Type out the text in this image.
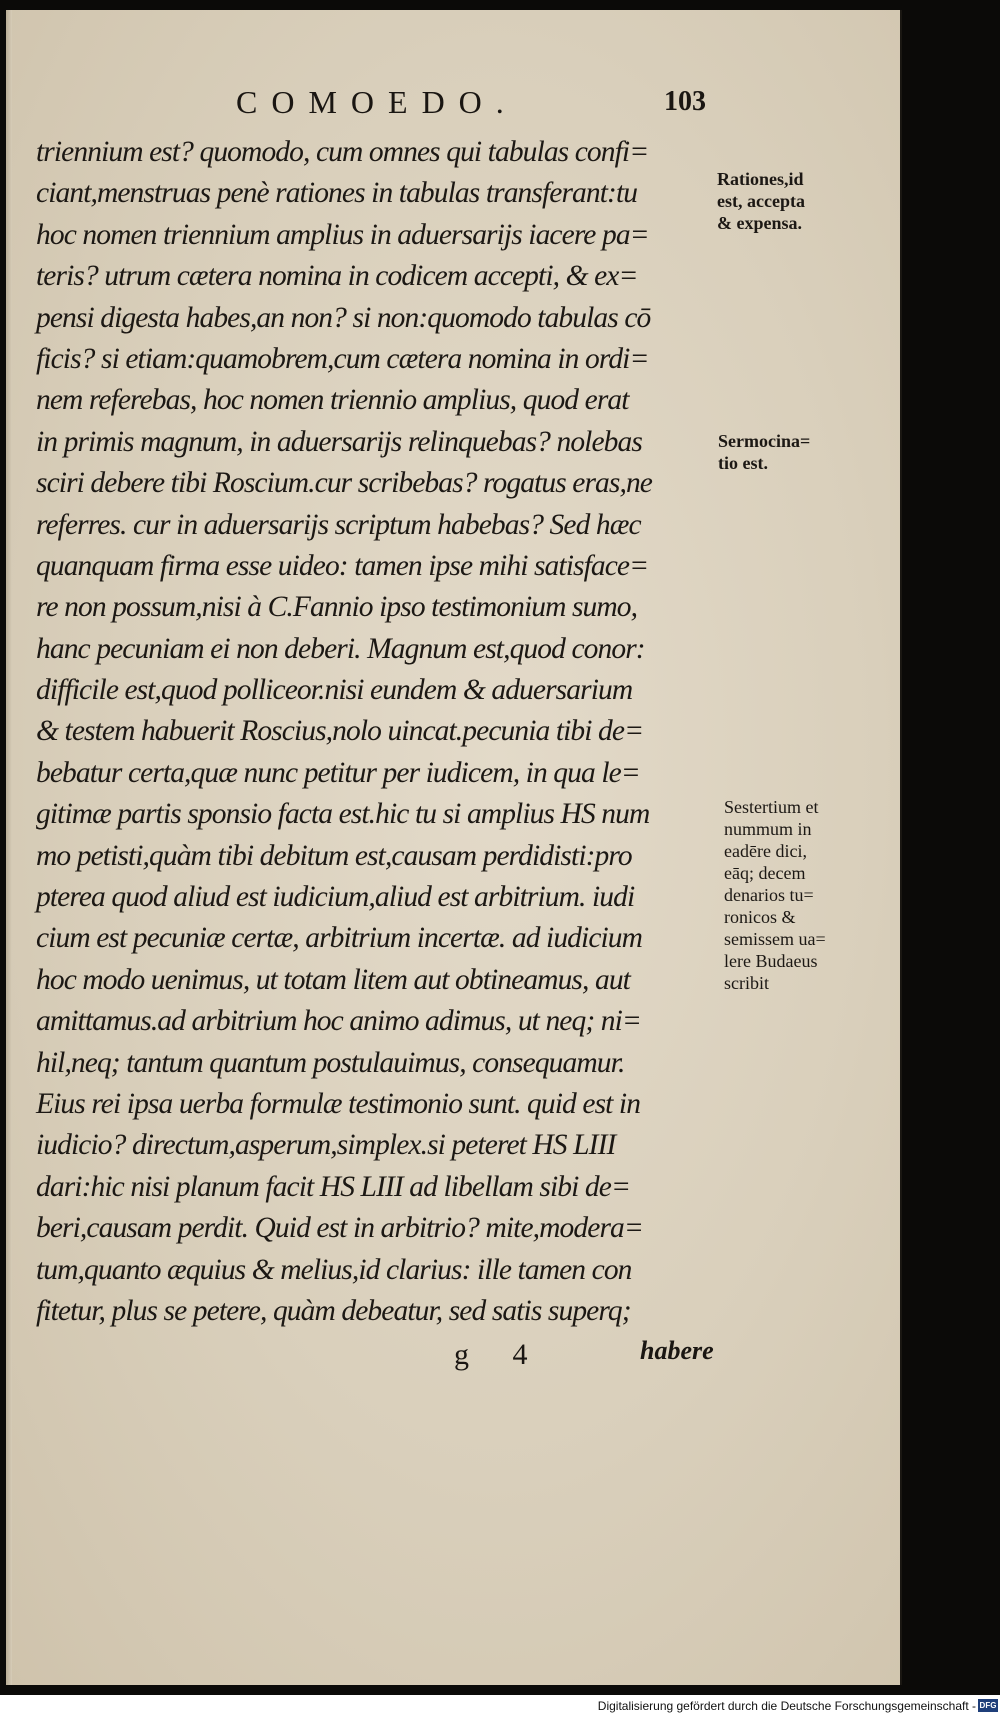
COMOEDO.	103
triennium est? quomodo, cum omnes qui tabulas confi=
ciant,menstruas penè rationes in tabulas transferant:tu
hoc nomen triennium amplius in aduersarijs iacere pa=
teris? utrum cætera nomina in codicem accepti, & ex=
pensi digesta habes,an non? si non:quomodo tabulas cō
ficis? si etiam:quamobrem,cum cætera nomina in ordi=
nem referebas, hoc nomen triennio amplius, quod erat
in primis magnum, in aduersarijs relinquebas? nolebas
sciri debere tibi Roscium.cur scribebas? rogatus eras,ne
referres. cur in aduersarijs scriptum habebas? Sed hæc
quanquam firma esse uideo: tamen ipse mihi satisface=
re non possum,nisi à C.Fannio ipso testimonium sumo,
hanc pecuniam ei non deberi. Magnum est,quod conor:
difficile est,quod polliceor.nisi eundem & aduersarium
& testem habuerit Roscius,nolo uincat.pecunia tibi de=
bebatur certa,quæ nunc petitur per iudicem, in qua le=
gitimæ partis sponsio facta est.hic tu si amplius HS num
mo petisti,quàm tibi debitum est,causam perdidisti:pro
pterea quod aliud est iudicium,aliud est arbitrium. iudi
cium est pecuniæ certæ, arbitrium incertæ. ad iudicium
hoc modo uenimus, ut totam litem aut obtineamus, aut
amittamus.ad arbitrium hoc animo adimus, ut neq; ni=
hil,neq; tantum quantum postulauimus, consequamur.
Eius rei ipsa uerba formulæ testimonio sunt. quid est in
iudicio? directum,asperum,simplex.si peteret HS LIII
dari:hic nisi planum facit HS LIII ad libellam sibi de=
beri,causam perdit. Quid est in arbitrio? mite,modera=
tum,quanto æquius & melius,id clarius: ille tamen con
fitetur, plus se petere, quàm debeatur, sed satis superq;
Rationes,id
est, accepta
& expensa.
Sermocina=
tio est.
Sestertium et
nummum in
eadēre dici,
eāq; decem
denarios tu=
ronicos &
semissem ua=
lere Budaeus
scribit
g 4	habere
Digitalisierung gefördert durch die Deutsche Forschungsgemeinschaft - DFG
